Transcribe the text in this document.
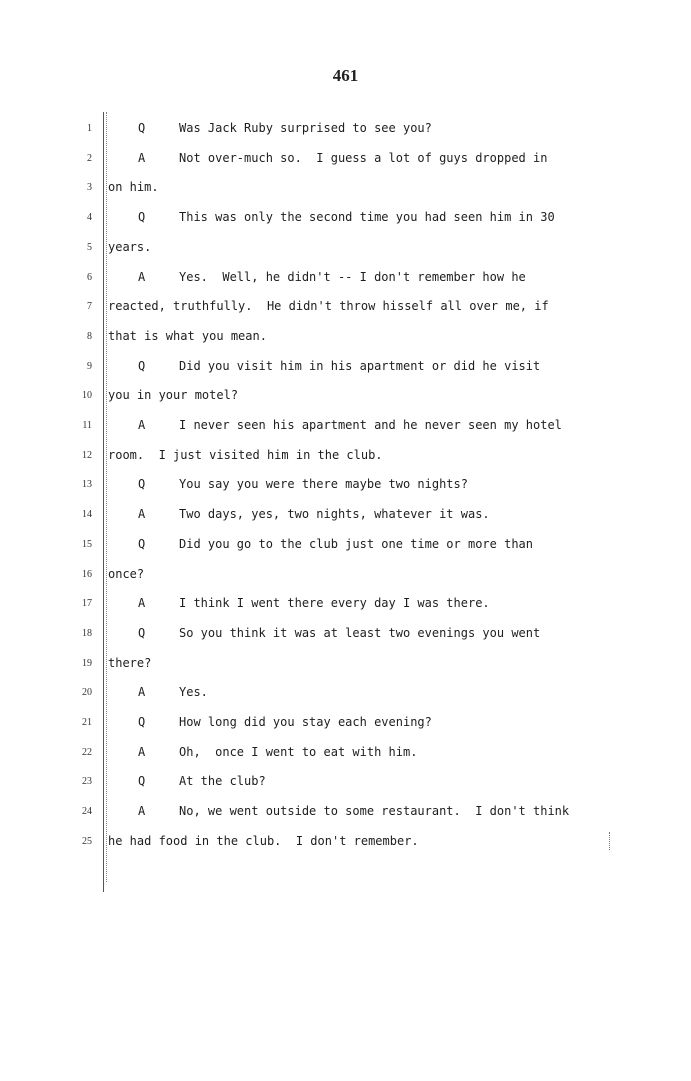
461
1	Q	Was Jack Ruby surprised to see you?
2	A	Not over-much so.  I guess a lot of guys dropped in
3 on him.
4	Q	This was only the second time you had seen him in 30
5 years.
6	A	Yes.  Well, he didn't -- I don't remember how he
7 reacted, truthfully.  He didn't throw hisself all over me, if
8 that is what you mean.
9	Q	Did you visit him in his apartment or did he visit
10 you in your motel?
11	A	I never seen his apartment and he never seen my hotel
12 room.  I just visited him in the club.
13	Q	You say you were there maybe two nights?
14	A	Two days, yes, two nights, whatever it was.
15	Q	Did you go to the club just one time or more than
16 once?
17	A	I think I went there every day I was there.
18	Q	So you think it was at least two evenings you went
19 there?
20	A	Yes.
21	Q	How long did you stay each evening?
22	A	Oh,  once I went to eat with him.
23	Q	At the club?
24	A	No, we went outside to some restaurant.  I don't think
25 he had food in the club.  I don't remember.
